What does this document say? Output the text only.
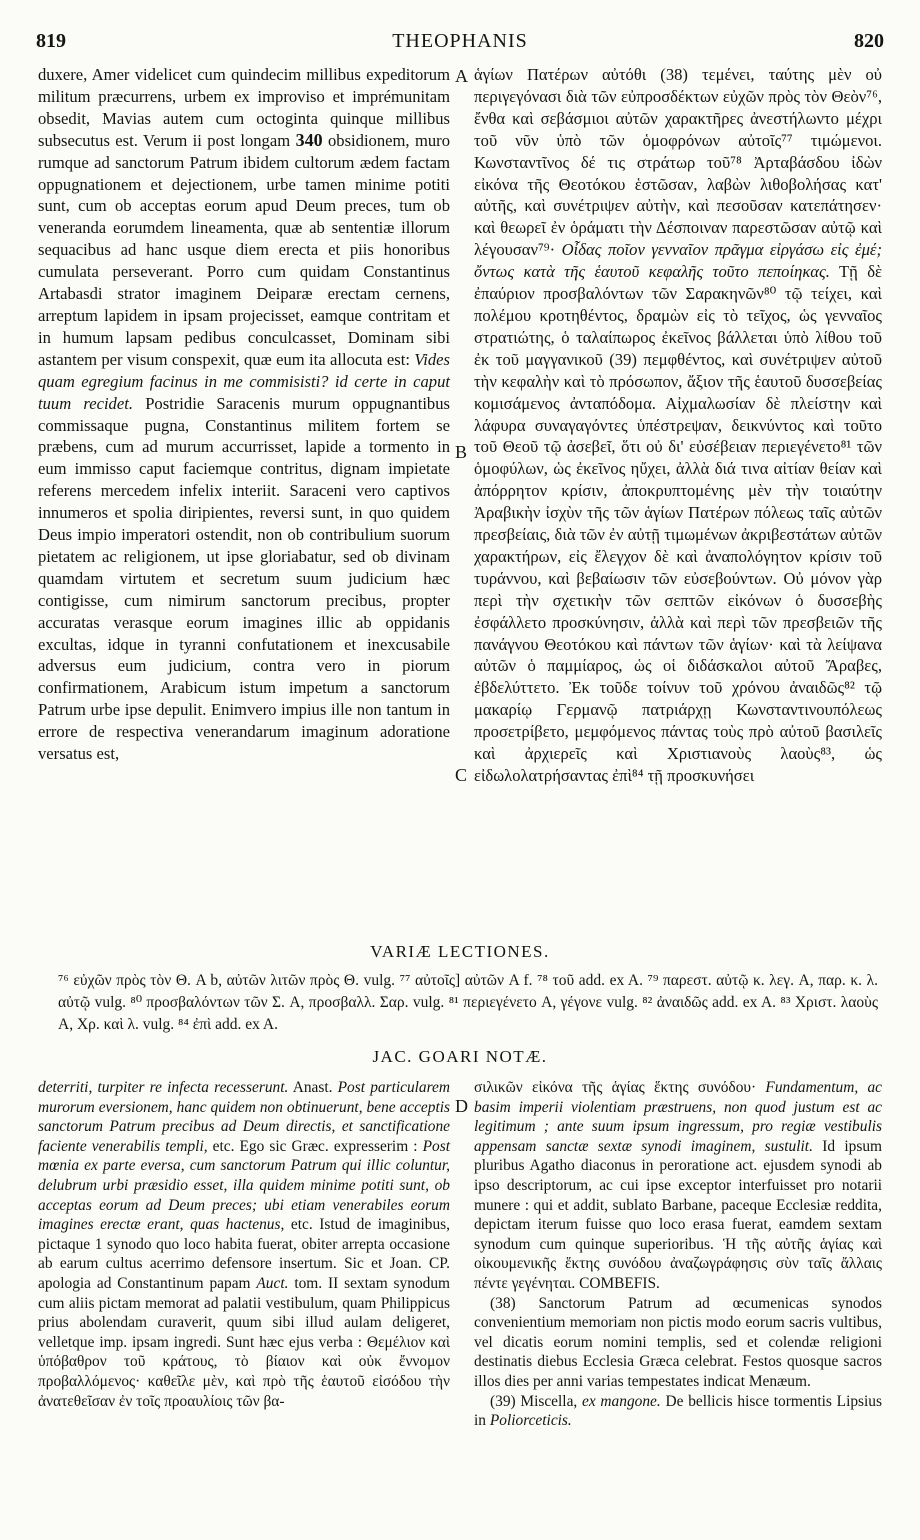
819	THEOPHANIS	820

duxere, Amer videlicet cum quindecim millibus expeditorum militum præcurrens, urbem ex improviso et imprémunitam obsedit, Mavias autem cum octoginta quinque millibus subsecutus est. Verum ii post longam 340 obsidionem, muro rumque ad sanctorum Patrum ibidem cultorum ædem factam oppugnationem et dejectionem, urbe tamen minime potiti sunt, cum ob acceptas eorum apud Deum preces, tum ob veneranda eorumdem lineamenta, quæ ab sententiæ illorum sequacibus ad hanc usque diem erecta et piis honoribus cumulata perseverant. Porro cum quidam Constantinus Artabasdi strator imaginem Deiparæ erectam cernens, arreptum lapidem in ipsam projecisset, eamque contritam et in humum lapsam pedibus conculcasset, Dominam sibi astantem per visum conspexit, quæ eum ita allocuta est: Vides quam egregium facinus in me commisisti? id certe in caput tuum recidet. Postridie Saracenis murum oppugnantibus commissaque pugna, Constantinus militem fortem se præbens, cum ad murum accurrisset, lapide a tormento in eum immisso caput faciemque contritus, dignam impietate referens mercedem infelix interiit. Saraceni vero captivos innumeros et spolia diripientes, reversi sunt, in quo quidem Deus impio imperatori ostendit, non ob contribulium suorum pietatem ac religionem, ut ipse gloriabatur, sed ob divinam quamdam virtutem et secretum suum judicium hæc contigisse, cum nimirum sanctorum precibus, propter accuratas verasque eorum imagines illic ab oppidanis excultas, idque in tyranni confutationem et inexcusabile adversus eum judicium, contra vero in piorum confirmationem, Arabicum istum impetum a sanctorum Patrum urbe ipse depulit. Enimvero impius ille non tantum in errore de respectiva venerandarum imaginum adoratione versatus est,

A
B
C
D

ἁγίων Πατέρων αὐτόθι (38) τεμένει, ταύτης μὲν οὐ περιγεγόνασι διὰ τῶν εὐπροσδέκτων εὐχῶν πρὸς τὸν Θεὸν⁷⁶, ἔνθα καὶ σεβάσμιοι αὐτῶν χαρακτῆρες ἀνεστήλωντο μέχρι τοῦ νῦν ὑπὸ τῶν ὁμοφρόνων αὐτοῖς⁷⁷ τιμώμενοι. Κωνσταντῖνος δέ τις στράτωρ τοῦ⁷⁸ Ἀρταβάσδου ἰδὼν εἰκόνα τῆς Θεοτόκου ἑστῶσαν, λαβὼν λιθοβολήσας κατ' αὐτῆς, καὶ συνέτριψεν αὐτὴν, καὶ πεσοῦσαν κατεπάτησεν· καὶ θεωρεῖ ἐν ὁράματι τὴν Δέσποιναν παρεστῶσαν αὐτῷ καὶ λέγουσαν⁷⁹· Οἶδας ποῖον γενναῖον πρᾶγμα εἰργάσω εἰς ἐμέ; ὄντως κατὰ τῆς ἑαυτοῦ κεφαλῆς τοῦτο πεποίηκας. Τῇ δὲ ἐπαύριον προσβαλόντων τῶν Σαρακηνῶν⁸⁰ τῷ τείχει, καὶ πολέμου κροτηθέντος, δραμὼν εἰς τὸ τεῖχος, ὡς γενναῖος στρατιώτης, ὁ ταλαίπωρος ἐκεῖνος βάλλεται ὑπὸ λίθου τοῦ ἐκ τοῦ μαγγανικοῦ (39) πεμφθέντος, καὶ συνέτριψεν αὐτοῦ τὴν κεφαλὴν καὶ τὸ πρόσωπον, ἄξιον τῆς ἑαυτοῦ δυσσεβείας κομισάμενος ἀνταπόδομα. Αἰχμαλωσίαν δὲ πλείστην καὶ λάφυρα συναγαγόντες ὑπέστρεψαν, δεικνύντος καὶ τοῦτο τοῦ Θεοῦ τῷ ἀσεβεῖ, ὅτι οὐ δι' εὐσέβειαν περιεγένετο⁸¹ τῶν ὁμοφύλων, ὡς ἐκεῖνος ηὔχει, ἀλλὰ διά τινα αἰτίαν θείαν καὶ ἀπόρρητον κρίσιν, ἀποκρυπτομένης μὲν τὴν τοιαύτην Ἀραβικὴν ἰσχὺν τῆς τῶν ἁγίων Πατέρων πόλεως ταῖς αὐτῶν πρεσβείαις, διὰ τῶν ἐν αὐτῇ τιμωμένων ἀκριβεστάτων αὐτῶν χαρακτήρων, εἰς ἔλεγχον δὲ καὶ ἀναπολόγητον κρίσιν τοῦ τυράννου, καὶ βεβαίωσιν τῶν εὐσεβούντων. Οὐ μόνον γὰρ περὶ τὴν σχετικὴν τῶν σεπτῶν εἰκόνων ὁ δυσσεβὴς ἐσφάλλετο προσκύνησιν, ἀλλὰ καὶ περὶ τῶν πρεσβειῶν τῆς πανάγνου Θεοτόκου καὶ πάντων τῶν ἁγίων· καὶ τὰ λείψανα αὐτῶν ὁ παμμίαρος, ὡς οἱ διδάσκαλοι αὐτοῦ Ἄραβες, ἐβδελύττετο. Ἐκ τοῦδε τοίνυν τοῦ χρόνου ἀναιδῶς⁸² τῷ μακαρίῳ Γερμανῷ πατριάρχῃ Κωνσταντινουπόλεως προσετρίβετο, μεμφόμενος πάντας τοὺς πρὸ αὐτοῦ βασιλεῖς καὶ ἀρχιερεῖς καὶ Χριστιανοὺς λαοὺς⁸³, ὡς εἰδωλολατρήσαντας ἐπὶ⁸⁴ τῇ προσκυνήσει

VARIÆ LECTIONES.
⁷⁶ εὐχῶν πρὸς τὸν Θ. A b, αὐτῶν λιτῶν πρὸς Θ. vulg. ⁷⁷ αὐτοῖς] αὐτῶν A f. ⁷⁸ τοῦ add. ex A. ⁷⁹ παρεστ. αὐτῷ κ. λεγ. A, παρ. κ. λ. αὐτῷ vulg. ⁸⁰ προσβαλόντων τῶν Σ. A, προσβαλλ. Σαρ. vulg. ⁸¹ περιεγένετο A, γέγονε vulg. ⁸² ἀναιδῶς add. ex A. ⁸³ Χριστ. λαοὺς A, Χρ. καὶ λ. vulg. ⁸⁴ ἐπὶ add. ex A.
JAC. GOARI NOTÆ.

deterriti, turpiter re infecta recesserunt. Anast. Post particularem murorum eversionem, hanc quidem non obtinuerunt, bene acceptis sanctorum Patrum precibus ad Deum directis, et sanctificatione faciente venerabilis templi, etc. Ego sic Græc. expresserim : Post mœnia ex parte eversa, cum sanctorum Patrum qui illic coluntur, delubrum urbi præsidio esset, illa quidem minime potiti sunt, ob acceptas eorum ad Deum preces; ubi etiam venerabiles eorum imagines erectæ erant, quas hactenus, etc. Istud de imaginibus, pictaque 1 synodo quo loco habita fuerat, obiter arrepta occasione ab earum cultus acerrimo defensore insertum. Sic et Joan. CP. apologia ad Constantinum papam Auct. tom. II sextam synodum cum aliis pictam memorat ad palatii vestibulum, quam Philippicus prius abolendam curaverit, quum sibi illud aulam deligeret, velletque imp. ipsam ingredi. Sunt hæc ejus verba : Θεμέλιον καὶ ὑπόβαθρον τοῦ κράτους, τὸ βίαιον καὶ οὐκ ἔννομον προβαλλόμενος· καθεῖλε μὲν, καὶ πρὸ τῆς ἑαυτοῦ εἰσόδου τὴν ἀνατεθεῖσαν ἐν τοῖς προαυλίοις τῶν βα-

σιλικῶν εἰκόνα τῆς ἁγίας ἕκτης συνόδου· Fundamentum, ac basim imperii violentiam præstruens, non quod justum est ac legitimum ; ante suum ipsum ingressum, pro regiæ vestibulis appensam sanctæ sextæ synodi imaginem, sustulit. Id ipsum pluribus Agatho diaconus in peroratione act. ejusdem synodi ab ipso descriptorum, ac cui ipse exceptor interfuisset pro notarii munere : qui et addit, sublato Barbane, paceque Ecclesiæ reddita, depictam iterum fuisse quo loco erasa fuerat, eamdem sextam synodum cum quinque superioribus. Ἡ τῆς αὐτῆς ἁγίας καὶ οἰκουμενικῆς ἕκτης συνόδου ἀναζωγράφησις σὺν ταῖς ἄλλαις πέντε γεγένηται. COMBEFIS.

(38) Sanctorum Patrum ad œcumenicas synodos convenientium memoriam non pictis modo eorum sacris vultibus, vel dicatis eorum nomini templis, sed et colendæ religioni destinatis diebus Ecclesia Græca celebrat. Festos quosque sacros illos dies per anni varias tempestates indicat Menæum.

(39) Miscella, ex mangone. De bellicis hisce tormentis Lipsius in Poliorceticis.
